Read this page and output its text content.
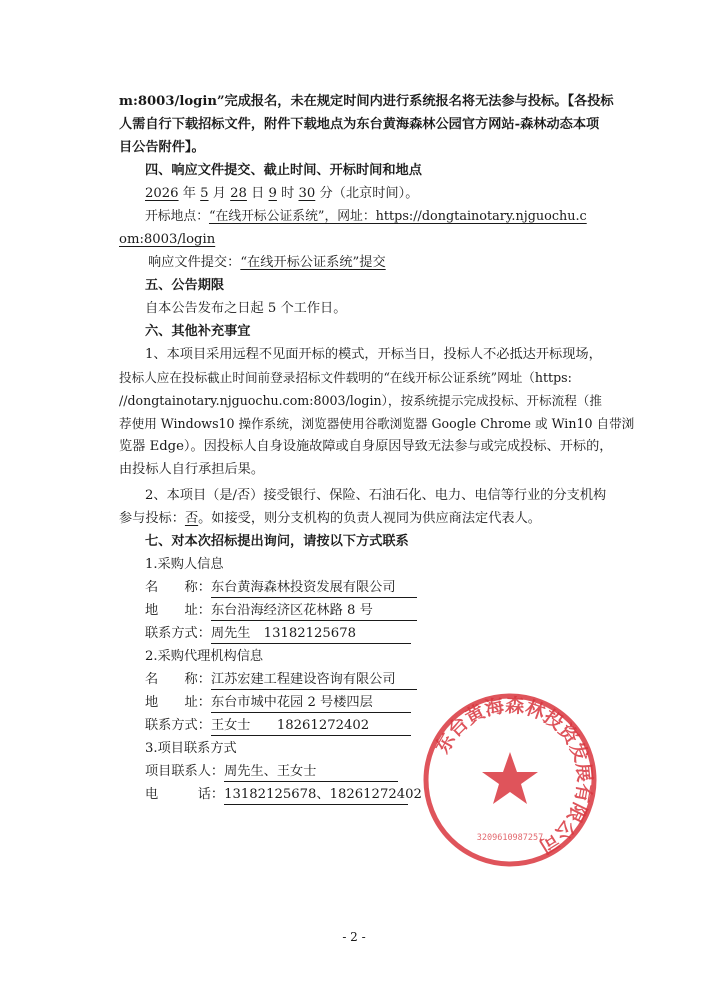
m:8003/login”完成报名，未在规定时间内进行系统报名将无法参与投标。【各投标
人需自行下载招标文件，附件下载地点为东台黄海森林公园官方网站-森林动态本项
目公告附件】。
四、响应文件提交、截止时间、开标时间和地点
2026 年 5 月 28 日 9 时 30 分（北京时间）。
开标地点：“在线开标公证系统”，网址：https://dongtainotary.njguochu.c
om:8003/login
响应文件提交：“在线开标公证系统”提交
五、公告期限
自本公告发布之日起 5 个工作日。
六、其他补充事宜
1、本项目采用远程不见面开标的模式，开标当日，投标人不必抵达开标现场，
投标人应在投标截止时间前登录招标文件载明的“在线开标公证系统”网址（https:
//dongtainotary.njguochu.com:8003/login），按系统提示完成投标、开标流程（推
荐使用 Windows10 操作系统，浏览器使用谷歌浏览器 Google Chrome 或 Win10 自带浏
览器 Edge）。因投标人自身设施故障或自身原因导致无法参与或完成投标、开标的，
由投标人自行承担后果。
2、本项目（是/否）接受银行、保险、石油石化、电力、电信等行业的分支机构
参与投标：否。如接受，则分支机构的负责人视同为供应商法定代表人。
七、对本次招标提出询问，请按以下方式联系
1.采购人信息
名　　称：东台黄海森林投资发展有限公司
地　　址：东台沿海经济区花林路 8 号
联系方式：周先生　13182125678
2.采购代理机构信息
名　　称：江苏宏建工程建设咨询有限公司
地　　址：东台市城中花园 2 号楼四层
联系方式：王女士　　18261272402
3.项目联系方式
项目联系人：周先生、王女士
电　　　话：13182125678、18261272402
东台黄海森林投资发展有限公司
3209610987257
- 2 -
